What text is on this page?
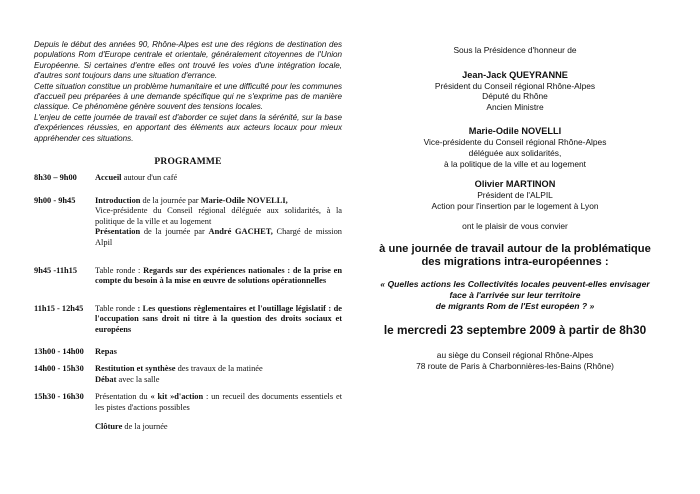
Depuis le début des années 90, Rhône-Alpes est une des régions de destination des populations Rom d'Europe centrale et orientale, généralement citoyennes de l'Union Européenne. Si certaines d'entre elles ont trouvé les voies d'une intégration locale, d'autres sont toujours dans une situation d'errance.

Cette situation constitue un problème humanitaire et une difficulté pour les communes d'accueil peu préparées à une demande spécifique qui ne s'exprime pas de manière classique. Ce phénomène génère souvent des tensions locales.

L'enjeu de cette journée de travail est d'aborder ce sujet dans la sérénité, sur la base d'expériences réussies, en apportant des éléments aux acteurs locaux pour mieux appréhender ces situations.

PROGRAMME
8h30 – 9h00	Accueil autour d'un café
9h00 - 9h45	Introduction de la journée par Marie-Odile NOVELLI,
Vice-présidente du Conseil régional déléguée aux solidarités, à la politique de la ville et au logement
Présentation de la journée par André GACHET, Chargé de mission Alpil
9h45 -11h15	Table ronde : Regards sur des expériences nationales : de la prise en compte du besoin à la mise en œuvre de solutions opérationnelles
11h15 - 12h45	Table ronde : Les questions règlementaires et l'outillage législatif : de l'occupation sans droit ni titre à la question des droits sociaux et européens
13h00 - 14h00	Repas
14h00 - 15h30	Restitution et synthèse des travaux de la matinée
Débat avec la salle
15h30 - 16h30	Présentation du « kit »d'action : un recueil des documents essentiels et les pistes d'actions possibles
Clôture de la journée

Sous la Présidence d'honneur de

Jean-Jack QUEYRANNE

Président du Conseil régional Rhône-Alpes

Député du Rhône

Ancien Ministre

Marie-Odile NOVELLI

Vice-présidente du Conseil régional Rhône-Alpes

déléguée aux solidarités,

à la politique de la ville et au logement

Olivier MARTINON

Président de l'ALPIL

Action pour l'insertion par le logement à Lyon

ont le plaisir de vous convier

à une journée de travail autour de la problématique

des migrations intra-européennes :

« Quelles actions les Collectivités locales peuvent-elles envisager

face à l'arrivée sur leur territoire

de migrants Rom de l'Est européen ? »

le mercredi 23 septembre 2009 à partir de 8h30

au siège du Conseil régional Rhône-Alpes

78 route de Paris à Charbonnières-les-Bains (Rhône)
